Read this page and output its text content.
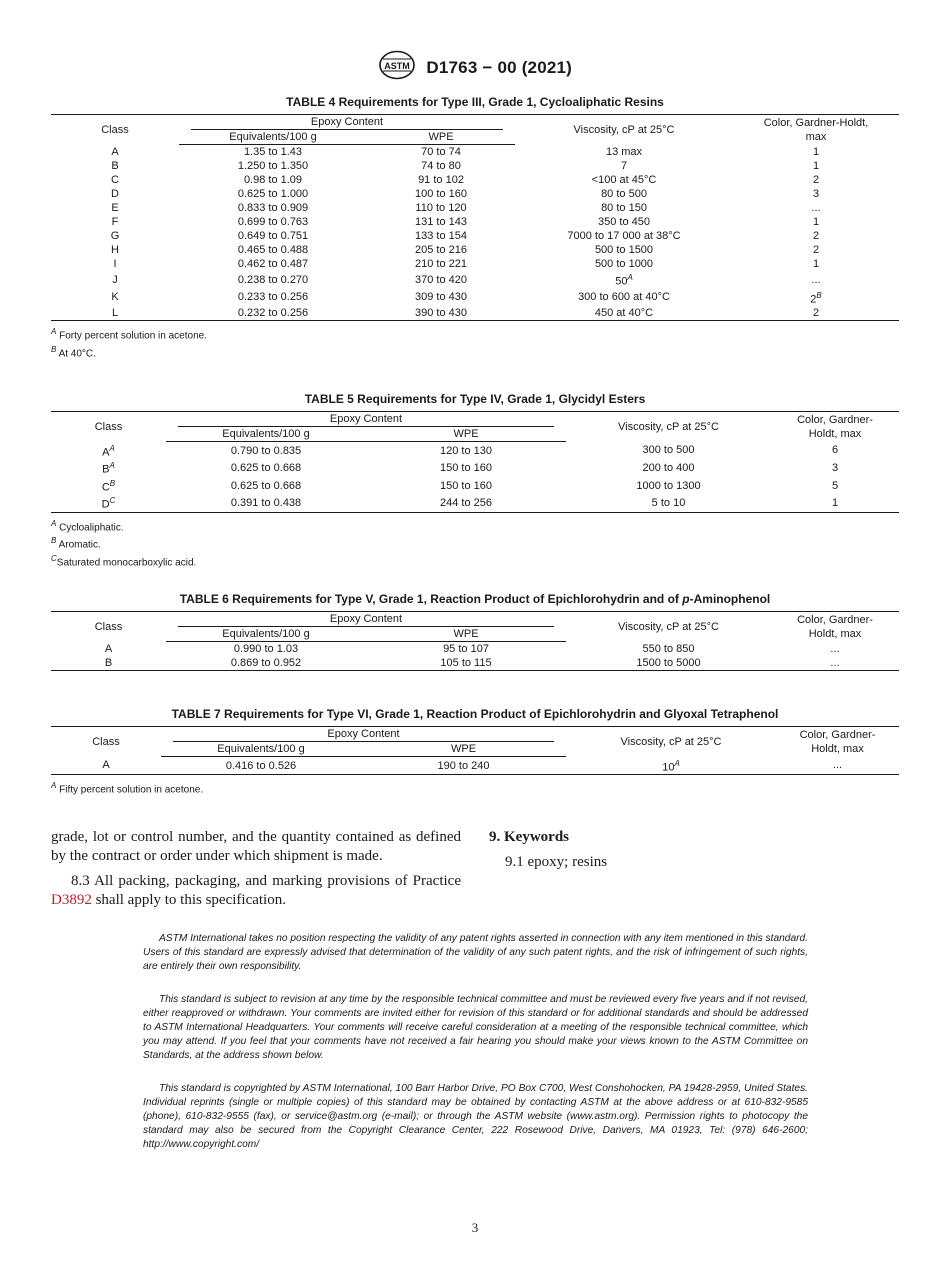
ASTM D1763 − 00 (2021)
TABLE 4 Requirements for Type III, Grade 1, Cycloaliphatic Resins
Class	Epoxy Content		Viscosity, cP at 25°C	Color, Gardner-Holdt, max
	Equivalents/100 g	WPE		
A	1.35 to 1.43	70 to 74	13 max	1
B	1.250 to 1.350	74 to 80	7	1
C	0.98 to 1.09	91 to 102	<100 at 45°C	2
D	0.625 to 1.000	100 to 160	80 to 500	3
E	0.833 to 0.909	110 to 120	80 to 150	...
F	0.699 to 0.763	131 to 143	350 to 450	1
G	0.649 to 0.751	133 to 154	7000 to 17 000 at 38°C	2
H	0.465 to 0.488	205 to 216	500 to 1500	2
I	0.462 to 0.487	210 to 221	500 to 1000	1
J	0.238 to 0.270	370 to 420	$50^A$	...
K	0.233 to 0.256	309 to 430	300 to 600 at 40°C	$2^B$
L	0.232 to 0.256	390 to 430	450 at 40°C	2
$^A$ Forty percent solution in acetone.
$^B$ At 40°C.
TABLE 5 Requirements for Type IV, Grade 1, Glycidyl Esters
Class	Epoxy Content		Viscosity, cP at 25°C	Color, Gardner-Holdt, max
	Equivalents/100 g	WPE		
$A^A$	0.790 to 0.835	120 to 130	300 to 500	6
$B^A$	0.625 to 0.668	150 to 160	200 to 400	3
$C^B$	0.625 to 0.668	150 to 160	1000 to 1300	5
$D^C$	0.391 to 0.438	244 to 256	5 to 10	1
$^A$ Cycloaliphatic.
$^B$ Aromatic.
$^C$Saturated monocarboxylic acid.
TABLE 6 Requirements for Type V, Grade 1, Reaction Product of Epichlorohydrin and of p-Aminophenol
Class	Epoxy Content		Viscosity, cP at 25°C	Color, Gardner-Holdt, max
	Equivalents/100 g	WPE		
A	0.990 to 1.03	95 to 107	550 to 850	...
B	0.869 to 0.952	105 to 115	1500 to 5000	...
TABLE 7 Requirements for Type VI, Grade 1, Reaction Product of Epichlorohydrin and Glyoxal Tetraphenol
Class	Epoxy Content		Viscosity, cP at 25°C	Color, Gardner-Holdt, max
	Equivalents/100 g	WPE		
A	0.416 to 0.526	190 to 240	$10^A$	...
$^A$ Fifty percent solution in acetone.

grade, lot or control number, and the quantity contained as defined by the contract or order under which shipment is made.

8.3 All packing, packaging, and marking provisions of Practice D3892 shall apply to this specification.

9. Keywords
9.1 epoxy; resins

ASTM International takes no position respecting the validity of any patent rights asserted in connection with any item mentioned in this standard. Users of this standard are expressly advised that determination of the validity of any such patent rights, and the risk of infringement of such rights, are entirely their own responsibility.

This standard is subject to revision at any time by the responsible technical committee and must be reviewed every five years and if not revised, either reapproved or withdrawn. Your comments are invited either for revision of this standard or for additional standards and should be addressed to ASTM International Headquarters. Your comments will receive careful consideration at a meeting of the responsible technical committee, which you may attend. If you feel that your comments have not received a fair hearing you should make your views known to the ASTM Committee on Standards, at the address shown below.

This standard is copyrighted by ASTM International, 100 Barr Harbor Drive, PO Box C700, West Conshohocken, PA 19428-2959, United States. Individual reprints (single or multiple copies) of this standard may be obtained by contacting ASTM at the above address or at 610-832-9585 (phone), 610-832-9555 (fax), or service@astm.org (e-mail); or through the ASTM website (www.astm.org). Permission rights to photocopy the standard may also be secured from the Copyright Clearance Center, 222 Rosewood Drive, Danvers, MA 01923, Tel: (978) 646-2600; http://www.copyright.com/

3
